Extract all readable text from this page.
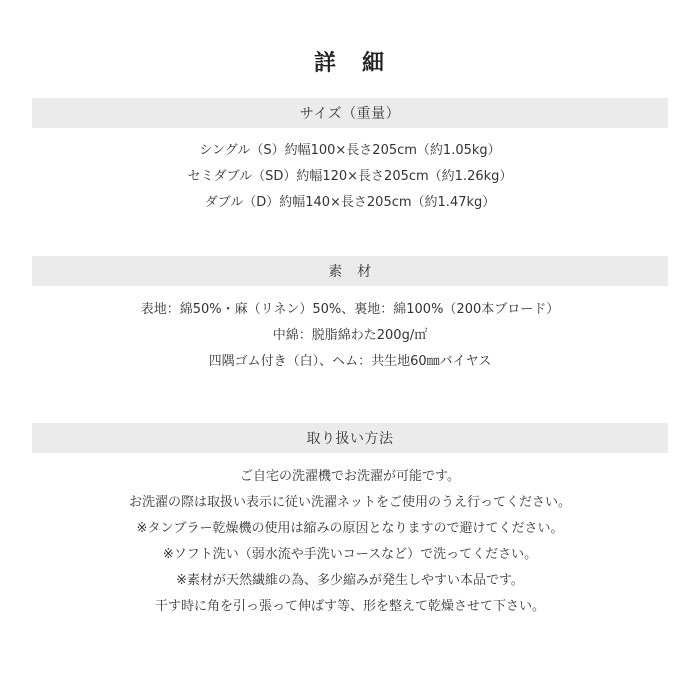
詳　細
サイズ（重量）
シングル（S）約幅100×長さ205cm（約1.05kg）
セミダブル（SD）約幅120×長さ205cm（約1.26kg）
ダブル（D）約幅140×長さ205cm（約1.47kg）
素　材
表地：綿50%・麻（リネン）50%、裏地：綿100%（200本ブロード）
中綿：脱脂綿わた200g/㎡
四隅ゴム付き（白）、ヘム：共生地60㎜バイヤス
取り扱い方法
ご自宅の洗濯機でお洗濯が可能です。
お洗濯の際は取扱い表示に従い洗濯ネットをご使用のうえ行ってください。
※タンブラー乾燥機の使用は縮みの原因となりますので避けてください。
※ソフト洗い（弱水流や手洗いコースなど）で洗ってください。
※素材が天然繊維の為、多少縮みが発生しやすい本品です。
干す時に角を引っ張って伸ばす等、形を整えて乾燥させて下さい。
